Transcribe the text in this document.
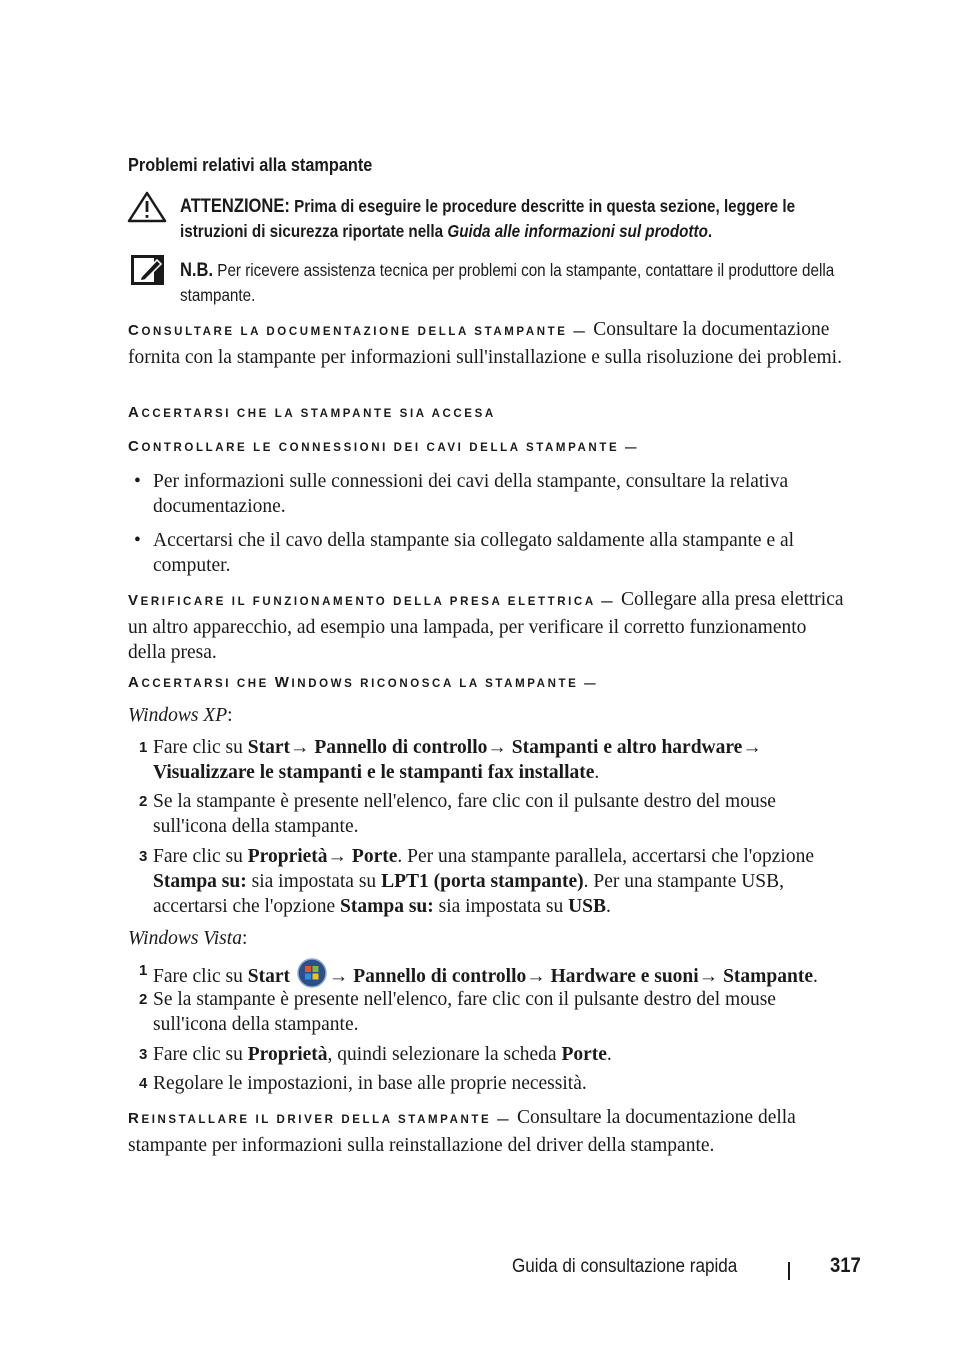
Problemi relativi alla stampante
ATTENZIONE: Prima di eseguire le procedure descritte in questa sezione, leggere le istruzioni di sicurezza riportate nella Guida alle informazioni sul prodotto.
N.B. Per ricevere assistenza tecnica per problemi con la stampante, contattare il produttore della stampante.
CONSULTARE LA DOCUMENTAZIONE DELLA STAMPANTE — Consultare la documentazione fornita con la stampante per informazioni sull'installazione e sulla risoluzione dei problemi.
ACCERTARSI CHE LA STAMPANTE SIA ACCESA
CONTROLLARE LE CONNESSIONI DEI CAVI DELLA STAMPANTE —
• Per informazioni sulle connessioni dei cavi della stampante, consultare la relativa documentazione.
• Accertarsi che il cavo della stampante sia collegato saldamente alla stampante e al computer.
VERIFICARE IL FUNZIONAMENTO DELLA PRESA ELETTRICA — Collegare alla presa elettrica un altro apparecchio, ad esempio una lampada, per verificare il corretto funzionamento della presa.
ACCERTARSI CHE WINDOWS RICONOSCA LA STAMPANTE —
Windows XP:
1 Fare clic su Start→ Pannello di controllo→ Stampanti e altro hardware→ Visualizzare le stampanti e le stampanti fax installate.
2 Se la stampante è presente nell'elenco, fare clic con il pulsante destro del mouse sull'icona della stampante.
3 Fare clic su Proprietà→ Porte. Per una stampante parallela, accertarsi che l'opzione Stampa su: sia impostata su LPT1 (porta stampante). Per una stampante USB, accertarsi che l'opzione Stampa su: sia impostata su USB.
Windows Vista:
1 Fare clic su Start → Pannello di controllo→ Hardware e suoni→ Stampante.
2 Se la stampante è presente nell'elenco, fare clic con il pulsante destro del mouse sull'icona della stampante.
3 Fare clic su Proprietà, quindi selezionare la scheda Porte.
4 Regolare le impostazioni, in base alle proprie necessità.
REINSTALLARE IL DRIVER DELLA STAMPANTE — Consultare la documentazione della stampante per informazioni sulla reinstallazione del driver della stampante.
Guida di consultazione rapida	317
